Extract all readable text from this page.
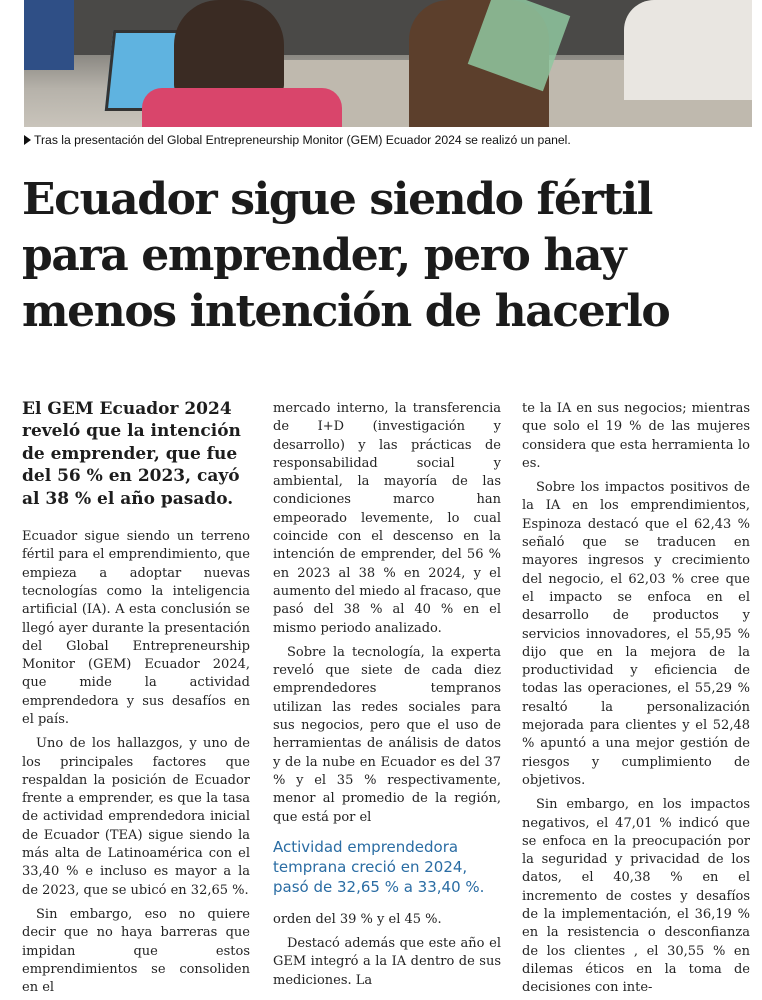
Tras la presentación del Global Entrepreneurship Monitor (GEM) Ecuador 2024 se realizó un panel.
Ecuador sigue siendo fértil
para emprender, pero hay
menos intención de hacerlo

El GEM Ecuador 2024 reveló que la intención de emprender, que fue del 56 % en 2023, cayó al 38 % el año pasado.

Ecuador sigue siendo un terreno fértil para el emprendimiento, que empieza a adoptar nuevas tecnologías como la inteligencia artificial (IA). A esta conclusión se llegó ayer durante la presentación del Global Entrepreneurship Monitor (GEM) Ecuador 2024, que mide la actividad emprendedora y sus desafíos en el país.

Uno de los hallazgos, y uno de los principales factores que respaldan la posición de Ecuador frente a emprender, es que la tasa de actividad emprendedora inicial de Ecuador (TEA) sigue siendo la más alta de Latinoamérica con el 33,40 % e incluso es mayor a la de 2023, que se ubicó en 32,65 %.

Sin embargo, eso no quiere decir que no haya barreras que impidan que estos emprendimientos se consoliden en el

mercado interno, la transferencia de I+D (investigación y desarrollo) y las prácticas de responsabilidad social y ambiental, la mayoría de las condiciones marco han empeorado levemente, lo cual coincide con el descenso en la intención de emprender, del 56 % en 2023 al 38 % en 2024, y el aumento del miedo al fracaso, que pasó del 38 % al 40 % en el mismo periodo analizado.

Sobre la tecnología, la experta reveló que siete de cada diez emprendedores tempranos utilizan las redes sociales para sus negocios, pero que el uso de herramientas de análisis de datos y de la nube en Ecuador es del 37 % y el 35 % respectivamente, menor al promedio de la región, que está por el

Actividad emprendedora temprana creció en 2024, pasó de 32,65 % a 33,40 %.

orden del 39 % y el 45 %.

Destacó además que este año el GEM integró a la IA dentro de sus mediciones. La

te la IA en sus negocios; mientras que solo el 19 % de las mujeres considera que esta herramienta lo es.

Sobre los impactos positivos de la IA en los emprendimientos, Espinoza destacó que el 62,43 % señaló que se traducen en mayores ingresos y crecimiento del negocio, el 62,03 % cree que el impacto se enfoca en el desarrollo de productos y servicios innovadores, el 55,95 % dijo que en la mejora de la productividad y eficiencia de todas las operaciones, el 55,29 % resaltó la personalización mejorada para clientes y el 52,48 % apuntó a una mejor gestión de riesgos y cumplimiento de objetivos.

Sin embargo, en los impactos negativos, el 47,01 % indicó que se enfoca en la preocupación por la seguridad y privacidad de los datos, el 40,38 % en el incremento de costes y desafíos de la implementación, el 36,19 % en la resistencia o desconfianza de los clientes , el 30,55 % en dilemas éticos en la toma de decisiones con inte-
